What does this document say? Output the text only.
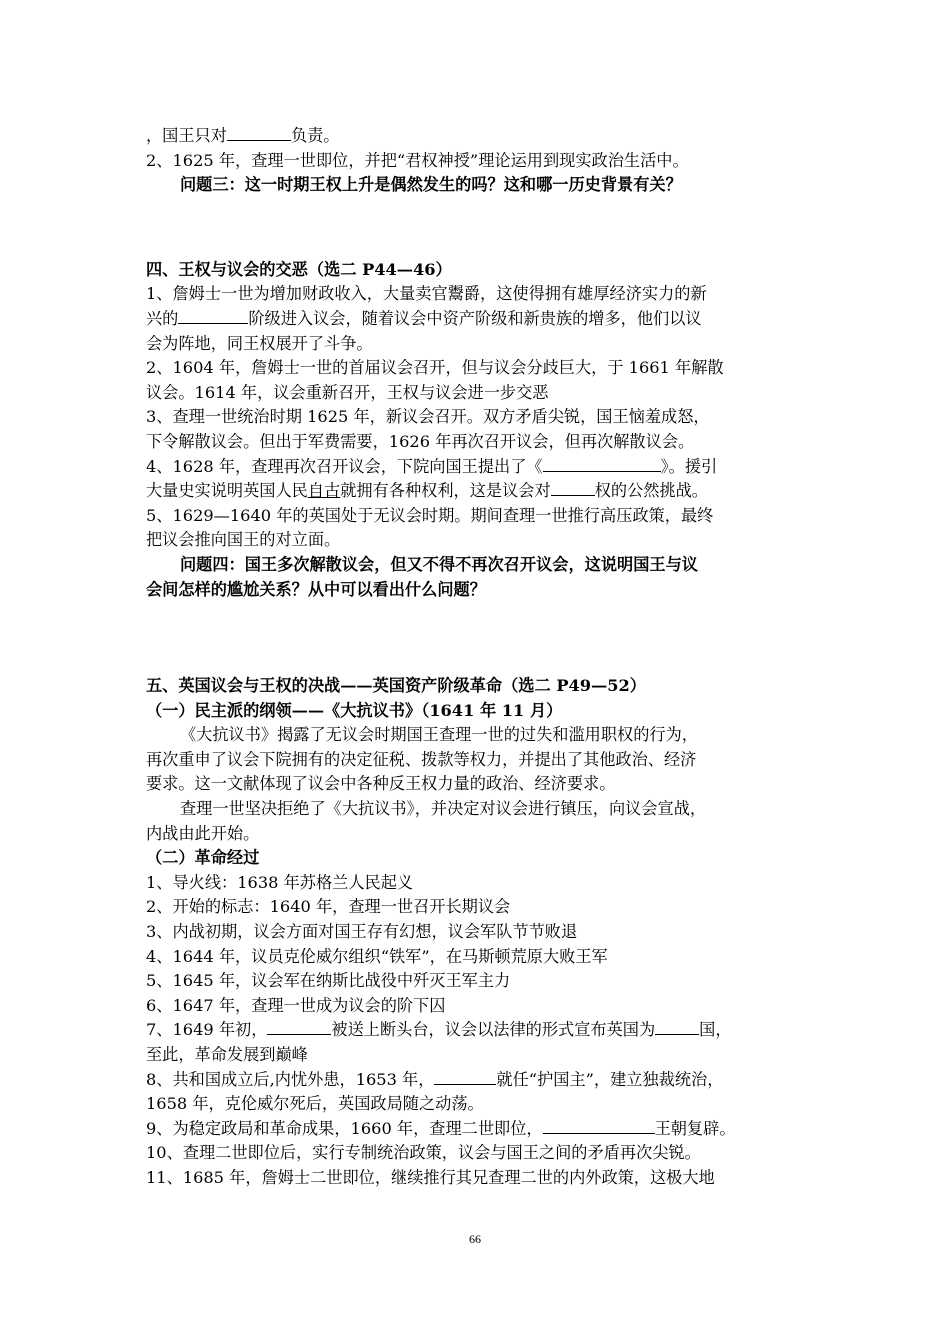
，国王只对	负责。
2、1625 年，查理一世即位，并把“君权神授”理论运用到现实政治生活中。
问题三：这一时期王权上升是偶然发生的吗？这和哪一历史背景有关？
四、王权与议会的交恶（选二 P44—46）
1、詹姆士一世为增加财政收入，大量卖官鬻爵，这使得拥有雄厚经济实力的新
兴的	阶级进入议会，随着议会中资产阶级和新贵族的增多，他们以议
会为阵地，同王权展开了斗争。
2、1604 年，詹姆士一世的首届议会召开，但与议会分歧巨大，于 1661 年解散
议会。1614 年，议会重新召开，王权与议会进一步交恶
3、查理一世统治时期 1625 年，新议会召开。双方矛盾尖锐，国王恼羞成怒，
下令解散议会。但出于军费需要，1626 年再次召开议会，但再次解散议会。
4、1628 年，查理再次召开议会，下院向国王提出了《	》。援引
大量史实说明英国人民自古就拥有各种权利，这是议会对	权的公然挑战。
5、1629—1640 年的英国处于无议会时期。期间查理一世推行高压政策，最终
把议会推向国王的对立面。
问题四：国王多次解散议会，但又不得不再次召开议会，这说明国王与议
会间怎样的尴尬关系？从中可以看出什么问题？
五、英国议会与王权的决战——英国资产阶级革命（选二 P49—52）
（一）民主派的纲领——《大抗议书》（1641 年 11 月）
《大抗议书》揭露了无议会时期国王查理一世的过失和滥用职权的行为，
再次重申了议会下院拥有的决定征税、拨款等权力，并提出了其他政治、经济
要求。这一文献体现了议会中各种反王权力量的政治、经济要求。
查理一世坚决拒绝了《大抗议书》，并决定对议会进行镇压，向议会宣战，
内战由此开始。
（二）革命经过
1、导火线：1638 年苏格兰人民起义
2、开始的标志：1640 年，查理一世召开长期议会
3、内战初期，议会方面对国王存有幻想，议会军队节节败退
4、1644 年，议员克伦威尔组织“铁军”，在马斯顿荒原大败王军
5、1645 年，议会军在纳斯比战役中歼灭王军主力
6、1647 年，查理一世成为议会的阶下囚
7、1649 年初，	被送上断头台，议会以法律的形式宣布英国为	国，
至此，革命发展到巅峰
8、共和国成立后,内忧外患，1653 年，	就任“护国主”，建立独裁统治，
1658 年，克伦威尔死后，英国政局随之动荡。
9、为稳定政局和革命成果，1660 年，查理二世即位，	王朝复辟。
10、查理二世即位后，实行专制统治政策，议会与国王之间的矛盾再次尖锐。
11、1685 年，詹姆士二世即位，继续推行其兄查理二世的内外政策，这极大地
66
